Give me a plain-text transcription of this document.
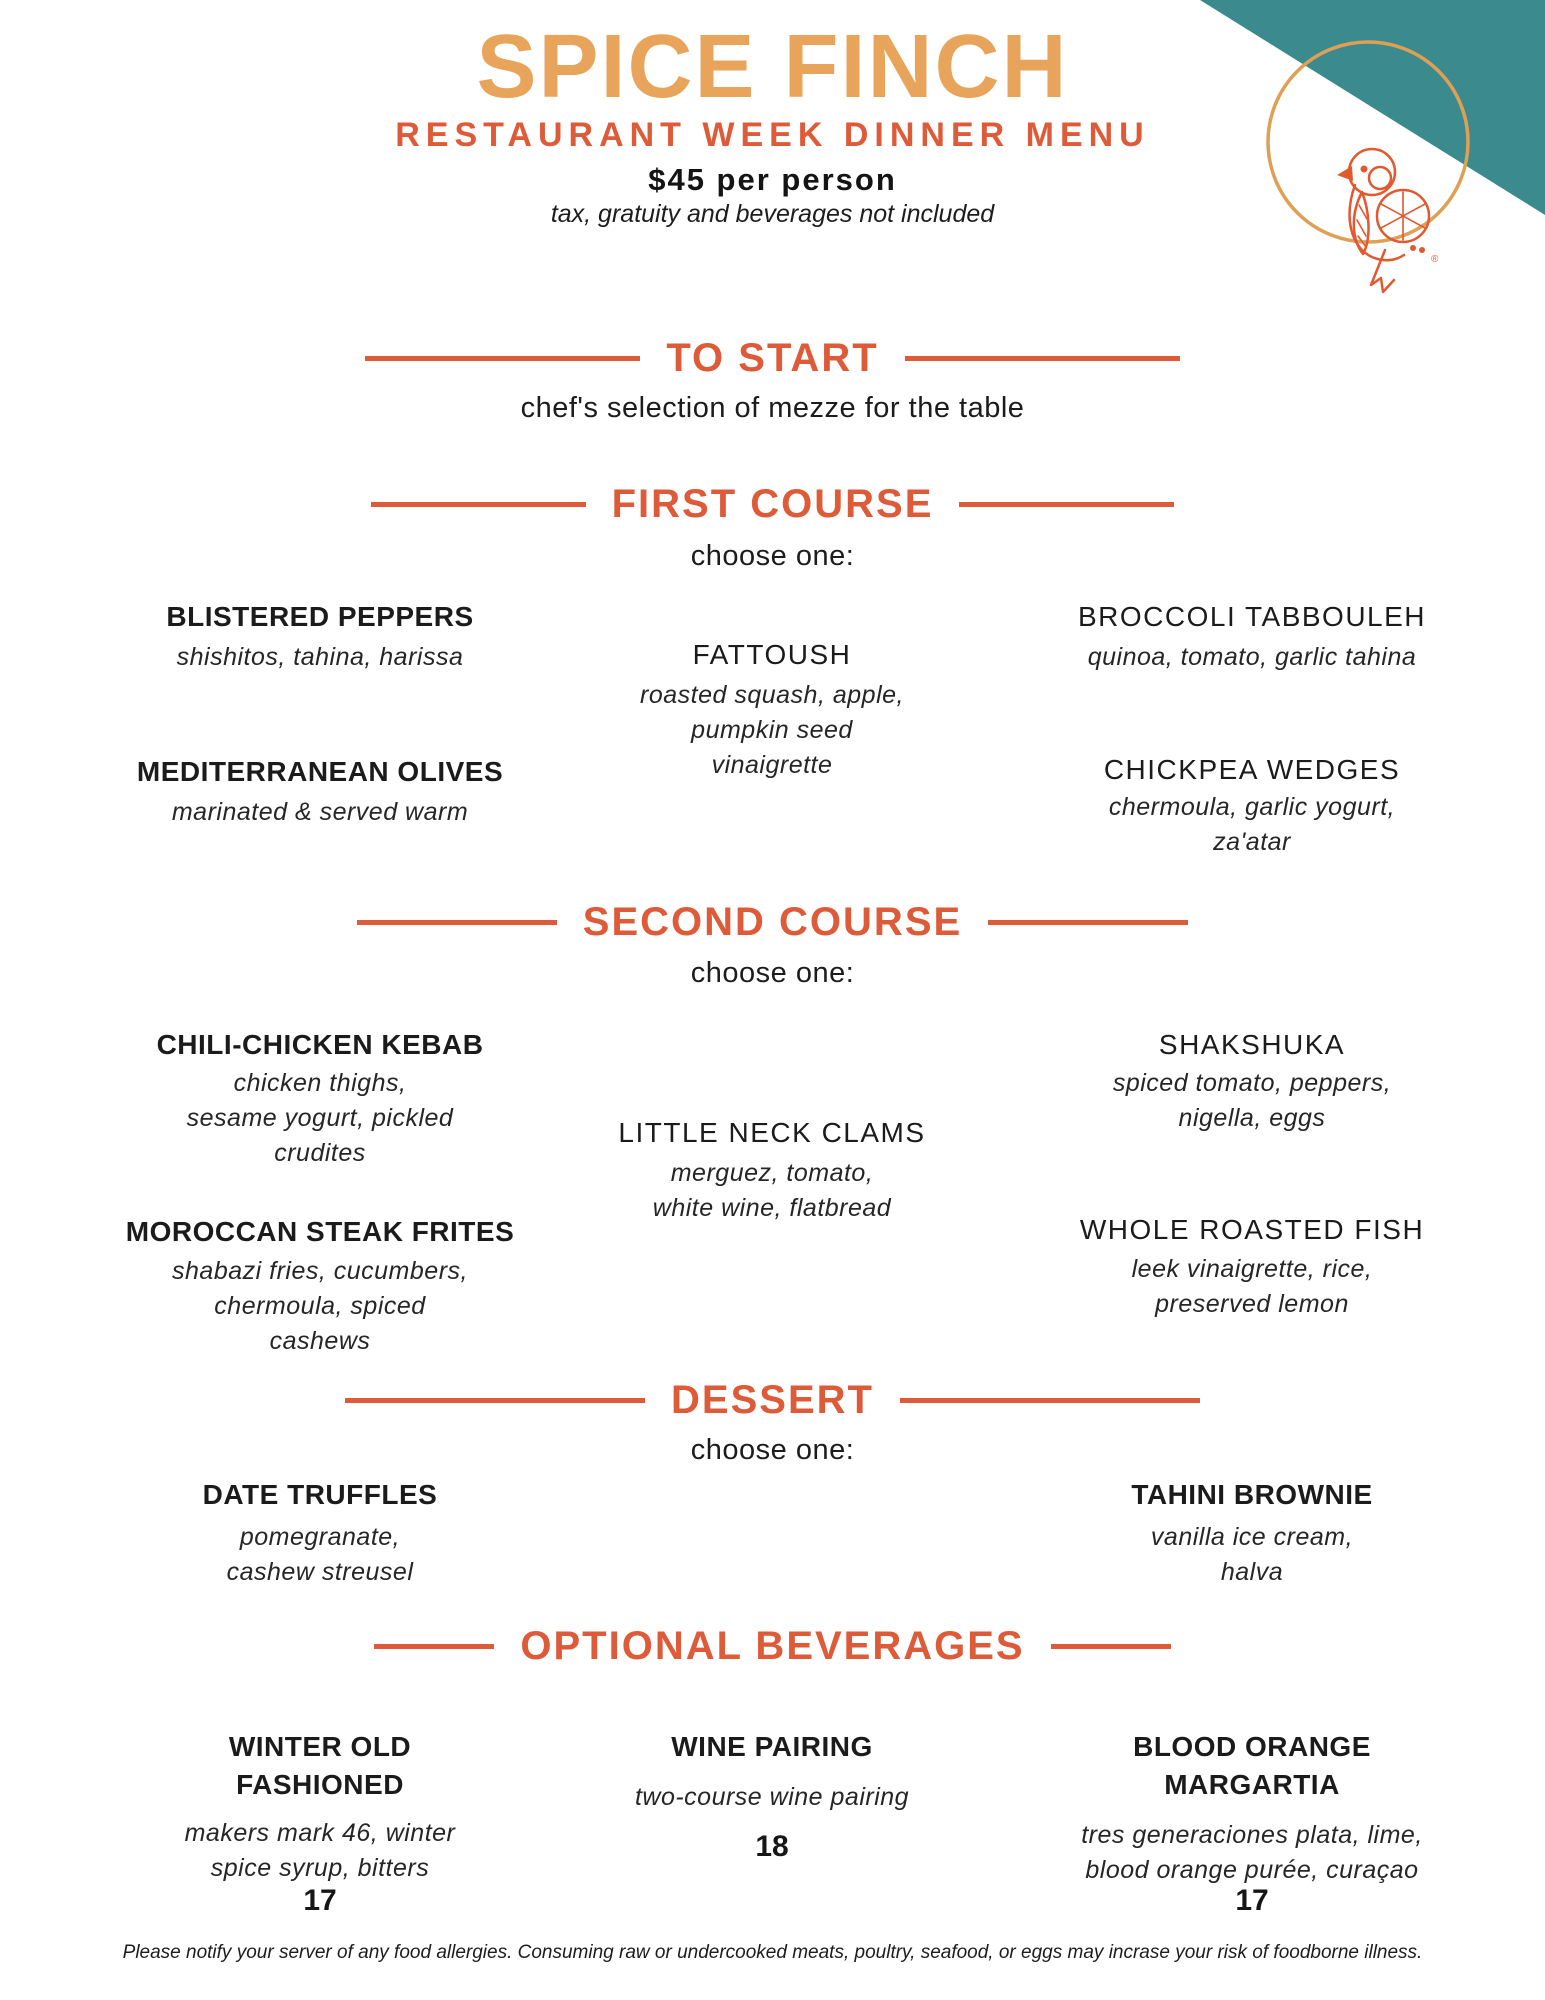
®
SPICE FINCH
RESTAURANT WEEK DINNER MENU
$45 per person
tax, gratuity and beverages not included
TO START
chef's selection of mezze for the table
FIRST COURSE
choose one:
BLISTERED PEPPERS
shishitos, tahina, harissa	FATTOUSH
roasted squash, apple, pumpkin seed vinaigrette
BROCCOLI TABBOULEH
quinoa, tomato, garlic tahina
MEDITERRANEAN OLIVES
marinated & served warm
CHICKPEA WEDGES
chermoula, garlic yogurt, za'atar
SECOND COURSE
choose one:
CHILI-CHICKEN KEBAB
chicken thighs, sesame yogurt, pickled crudites
SHAKSHUKA
spiced tomato, peppers, nigella, eggs
LITTLE NECK CLAMS
merguez, tomato, white wine, flatbread
MOROCCAN STEAK FRITES
shabazi fries, cucumbers, chermoula, spiced cashews
WHOLE ROASTED FISH
leek vinaigrette, rice, preserved lemon
DESSERT
choose one:
DATE TRUFFLES
pomegranate, cashew streusel
TAHINI BROWNIE
vanilla ice cream, halva
OPTIONAL BEVERAGES
WINTER OLD FASHIONED
makers mark 46, winter spice syrup, bitters
17
WINE PAIRING
two-course wine pairing
18
BLOOD ORANGE MARGARTIA
tres generaciones plata, lime, blood orange purée, curaçao
17
Please notify your server of any food allergies. Consuming raw or undercooked meats, poultry, seafood, or eggs may incrase your risk of foodborne illness.
